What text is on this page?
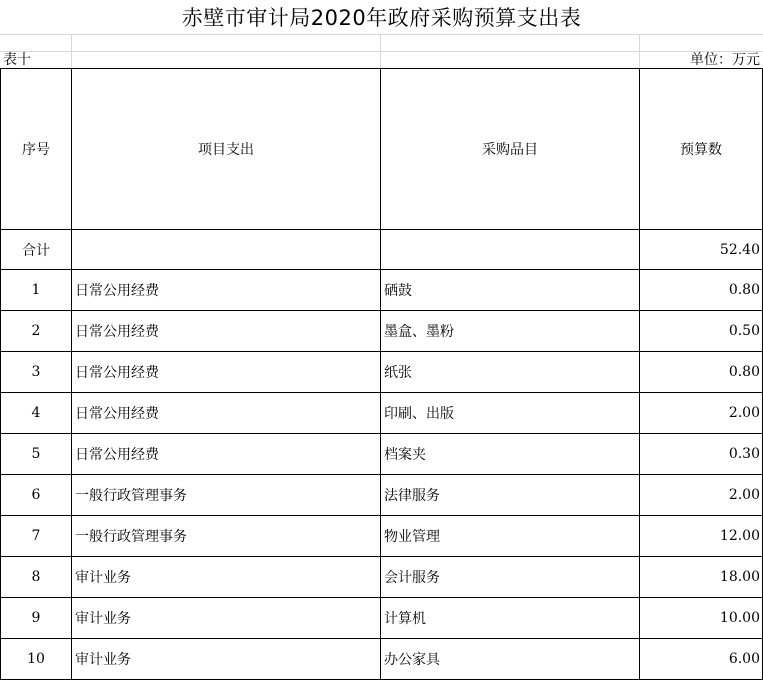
赤壁市审计局2020年政府采购预算支出表
表十	单位：万元
序号	项目支出	采购品目	预算数
合计			52.40
1	日常公用经费	硒鼓	0.80
2	日常公用经费	墨盒、墨粉	0.50
3	日常公用经费	纸张	0.80
4	日常公用经费	印刷、出版	2.00
5	日常公用经费	档案夹	0.30
6	一般行政管理事务	法律服务	2.00
7	一般行政管理事务	物业管理	12.00
8	审计业务	会计服务	18.00
9	审计业务	计算机	10.00
10	审计业务	办公家具	6.00
